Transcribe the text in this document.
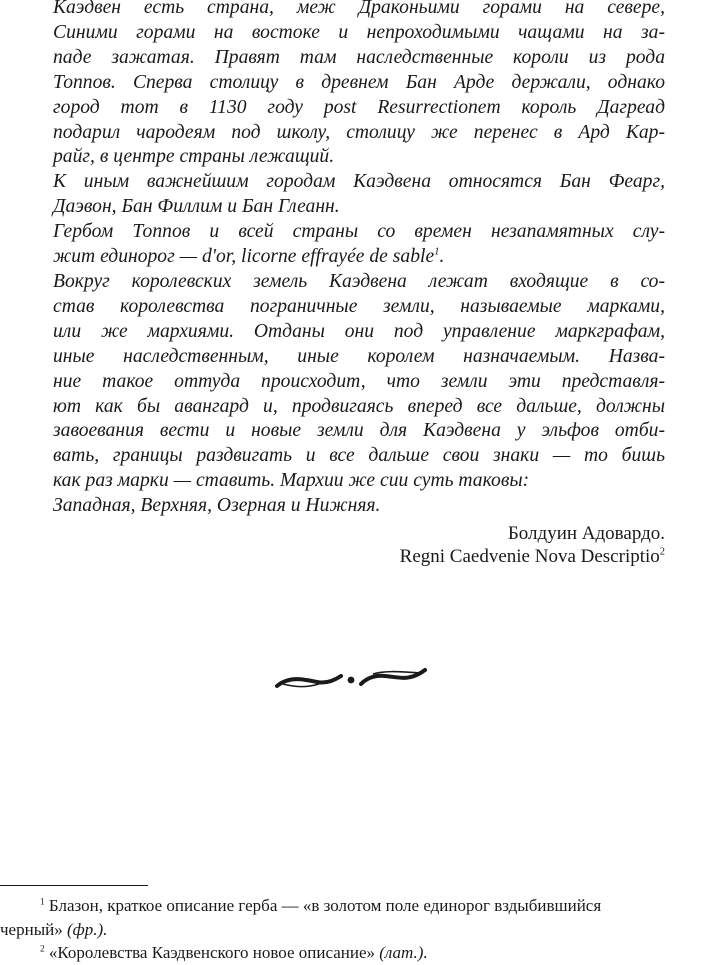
Каэдвен есть страна, меж Драконьими горами на севере,
Синими горами на востоке и непроходимыми чащами на за-
паде зажатая. Правят там наследственные короли из рода
Топпов. Сперва столицу в древнем Бан Арде держали, однако
город тот в 1130 году post Resurrectionem король Дагреад
подарил чародеям под школу, столицу же перенес в Ард Кар-
райг, в центре страны лежащий.
К иным важнейшим городам Каэдвена относятся Бан Феарг,
Даэвон, Бан Филлим и Бан Глеанн.
Гербом Топпов и всей страны со времен незапамятных слу-
жит единорог — d'or, licorne effrayée de sable$^1$.
Вокруг королевских земель Каэдвена лежат входящие в со-
став королевства пограничные земли, называемые марками,
или же мархиями. Отданы они под управление маркграфам,
иные наследственным, иные королем назначаемым. Назва-
ние такое оттуда происходит, что земли эти представля-
ют как бы авангард и, продвигаясь вперед все дальше, должны
завоевания вести и новые земли для Каэдвена у эльфов отби-
вать, границы раздвигать и все дальше свои знаки — то бишь
как раз марки — ставить. Мархии же сии суть таковы:
Западная, Верхняя, Озерная и Нижняя.
Болдуин Адовардо.
Regni Caedvenie Nova Descriptio$^2$
$^1$ Блазон, краткое описание герба — «в золотом поле единорог вздыбившийся
черный» (фр.).
$^2$ «Королевства Каэдвенского новое описание» (лат.).
